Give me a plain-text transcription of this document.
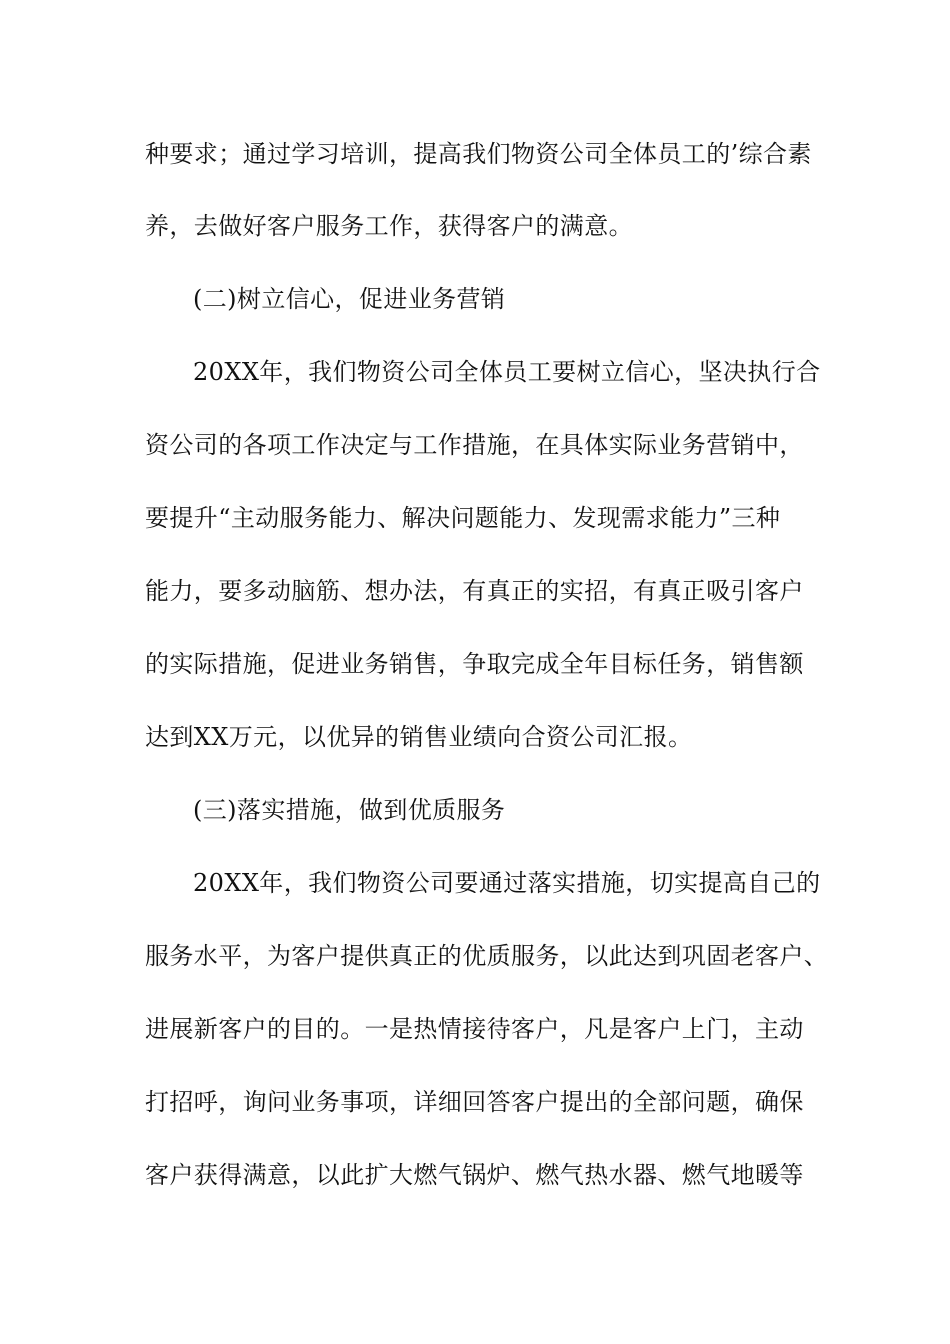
种要求；通过学习培训，提高我们物资公司全体员工的’综合素
养，去做好客户服务工作，获得客户的满意。
(二)树立信心，促进业务营销
20XX年，我们物资公司全体员工要树立信心，坚决执行合
资公司的各项工作决定与工作措施，在具体实际业务营销中，
要提升“主动服务能力、解决问题能力、发现需求能力”三种
能力，要多动脑筋、想办法，有真正的实招，有真正吸引客户
的实际措施，促进业务销售，争取完成全年目标任务，销售额
达到XX万元，以优异的销售业绩向合资公司汇报。
(三)落实措施，做到优质服务
20XX年，我们物资公司要通过落实措施，切实提高自己的
服务水平，为客户提供真正的优质服务，以此达到巩固老客户、
进展新客户的目的。一是热情接待客户，凡是客户上门，主动
打招呼，询问业务事项，详细回答客户提出的全部问题，确保
客户获得满意，以此扩大燃气锅炉、燃气热水器、燃气地暖等
